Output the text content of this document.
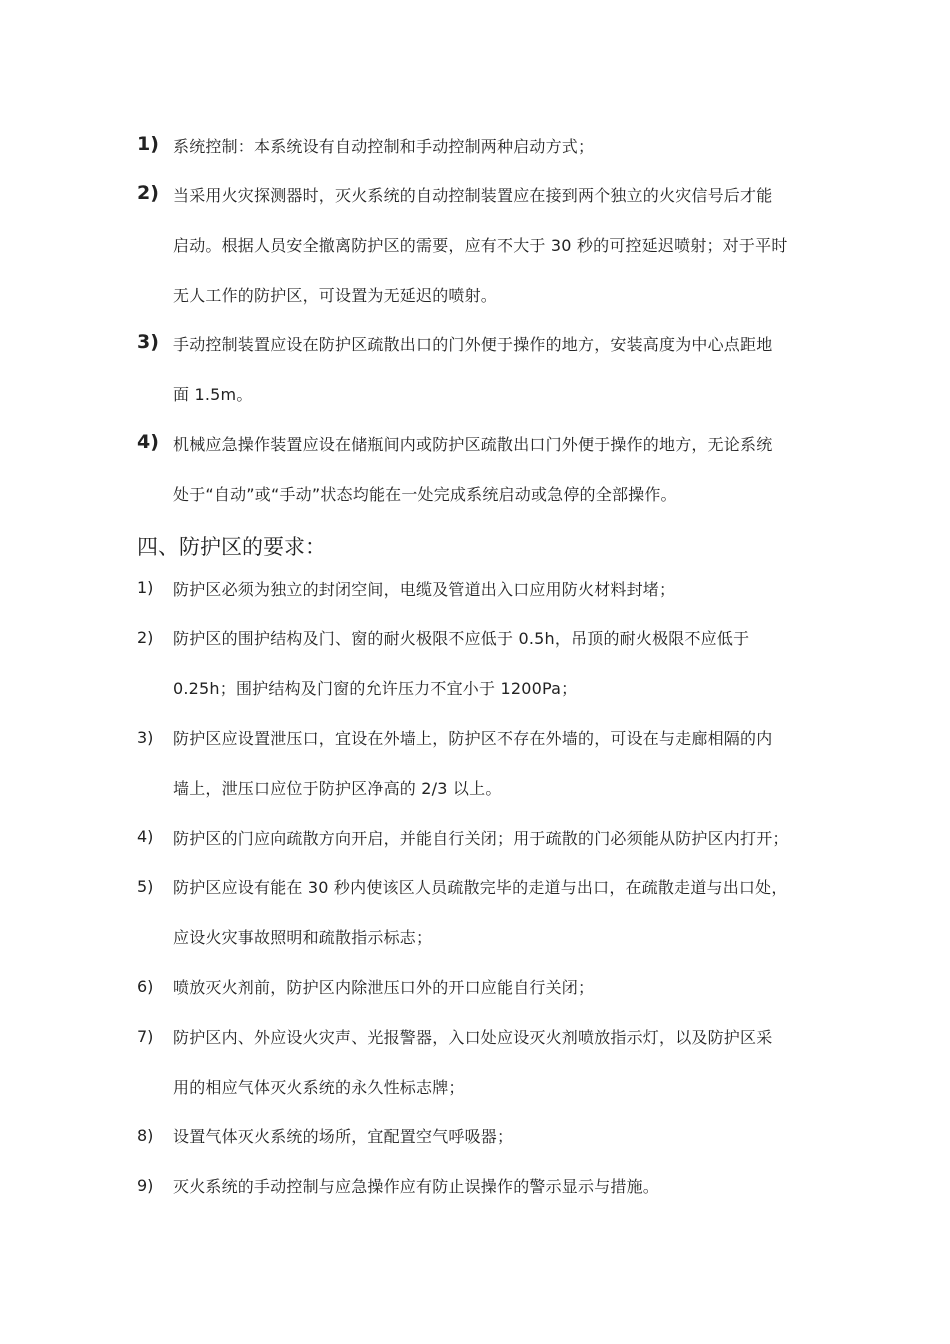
1) 系统控制：本系统设有自动控制和手动控制两种启动方式；
2) 当采用火灾探测器时，灭火系统的自动控制装置应在接到两个独立的火灾信号后才能
启动。根据人员安全撤离防护区的需要，应有不大于 30 秒的可控延迟喷射；对于平时
无人工作的防护区，可设置为无延迟的喷射。
3) 手动控制装置应设在防护区疏散出口的门外便于操作的地方，安装高度为中心点距地
面 1.5m。
4) 机械应急操作装置应设在储瓶间内或防护区疏散出口门外便于操作的地方，无论系统
处于“自动”或“手动”状态均能在一处完成系统启动或急停的全部操作。
四、防护区的要求：
1) 防护区必须为独立的封闭空间，电缆及管道出入口应用防火材料封堵；
2) 防护区的围护结构及门、窗的耐火极限不应低于 0.5h，吊顶的耐火极限不应低于
0.25h；围护结构及门窗的允许压力不宜小于 1200Pa；
3) 防护区应设置泄压口，宜设在外墙上，防护区不存在外墙的，可设在与走廊相隔的内
墙上，泄压口应位于防护区净高的 2/3 以上。
4) 防护区的门应向疏散方向开启，并能自行关闭；用于疏散的门必须能从防护区内打开；
5) 防护区应设有能在 30 秒内使该区人员疏散完毕的走道与出口，在疏散走道与出口处，
应设火灾事故照明和疏散指示标志；
6) 喷放灭火剂前，防护区内除泄压口外的开口应能自行关闭；
7) 防护区内、外应设火灾声、光报警器，入口处应设灭火剂喷放指示灯，以及防护区采
用的相应气体灭火系统的永久性标志牌；
8) 设置气体灭火系统的场所，宜配置空气呼吸器；
9) 灭火系统的手动控制与应急操作应有防止误操作的警示显示与措施。
